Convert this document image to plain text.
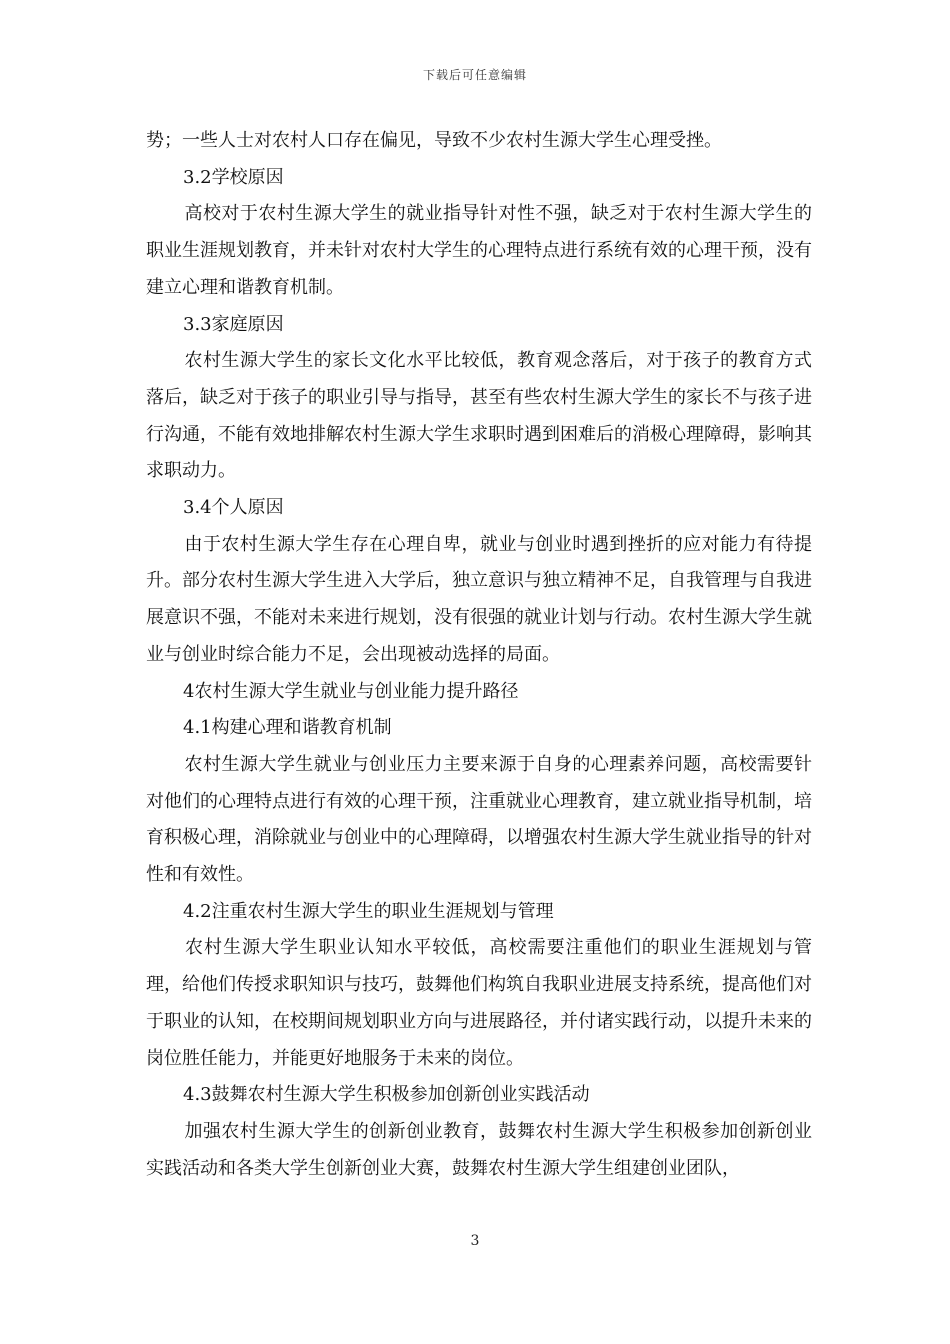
下载后可任意编辑

势；一些人士对农村人口存在偏见，导致不少农村生源大学生心理受挫。

3.2学校原因

高校对于农村生源大学生的就业指导针对性不强，缺乏对于农村生源大学生的职业生涯规划教育，并未针对农村大学生的心理特点进行系统有效的心理干预，没有建立心理和谐教育机制。

3.3家庭原因

农村生源大学生的家长文化水平比较低，教育观念落后，对于孩子的教育方式落后，缺乏对于孩子的职业引导与指导，甚至有些农村生源大学生的家长不与孩子进行沟通，不能有效地排解农村生源大学生求职时遇到困难后的消极心理障碍，影响其求职动力。

3.4个人原因

由于农村生源大学生存在心理自卑，就业与创业时遇到挫折的应对能力有待提升。部分农村生源大学生进入大学后，独立意识与独立精神不足，自我管理与自我进展意识不强，不能对未来进行规划，没有很强的就业计划与行动。农村生源大学生就业与创业时综合能力不足，会出现被动选择的局面。

4农村生源大学生就业与创业能力提升路径

4.1构建心理和谐教育机制

农村生源大学生就业与创业压力主要来源于自身的心理素养问题，高校需要针对他们的心理特点进行有效的心理干预，注重就业心理教育，建立就业指导机制，培育积极心理，消除就业与创业中的心理障碍，以增强农村生源大学生就业指导的针对性和有效性。

4.2注重农村生源大学生的职业生涯规划与管理

农村生源大学生职业认知水平较低，高校需要注重他们的职业生涯规划与管理，给他们传授求职知识与技巧，鼓舞他们构筑自我职业进展支持系统，提高他们对于职业的认知，在校期间规划职业方向与进展路径，并付诸实践行动，以提升未来的岗位胜任能力，并能更好地服务于未来的岗位。

4.3鼓舞农村生源大学生积极参加创新创业实践活动

加强农村生源大学生的创新创业教育，鼓舞农村生源大学生积极参加创新创业实践活动和各类大学生创新创业大赛，鼓舞农村生源大学生组建创业团队，

3
